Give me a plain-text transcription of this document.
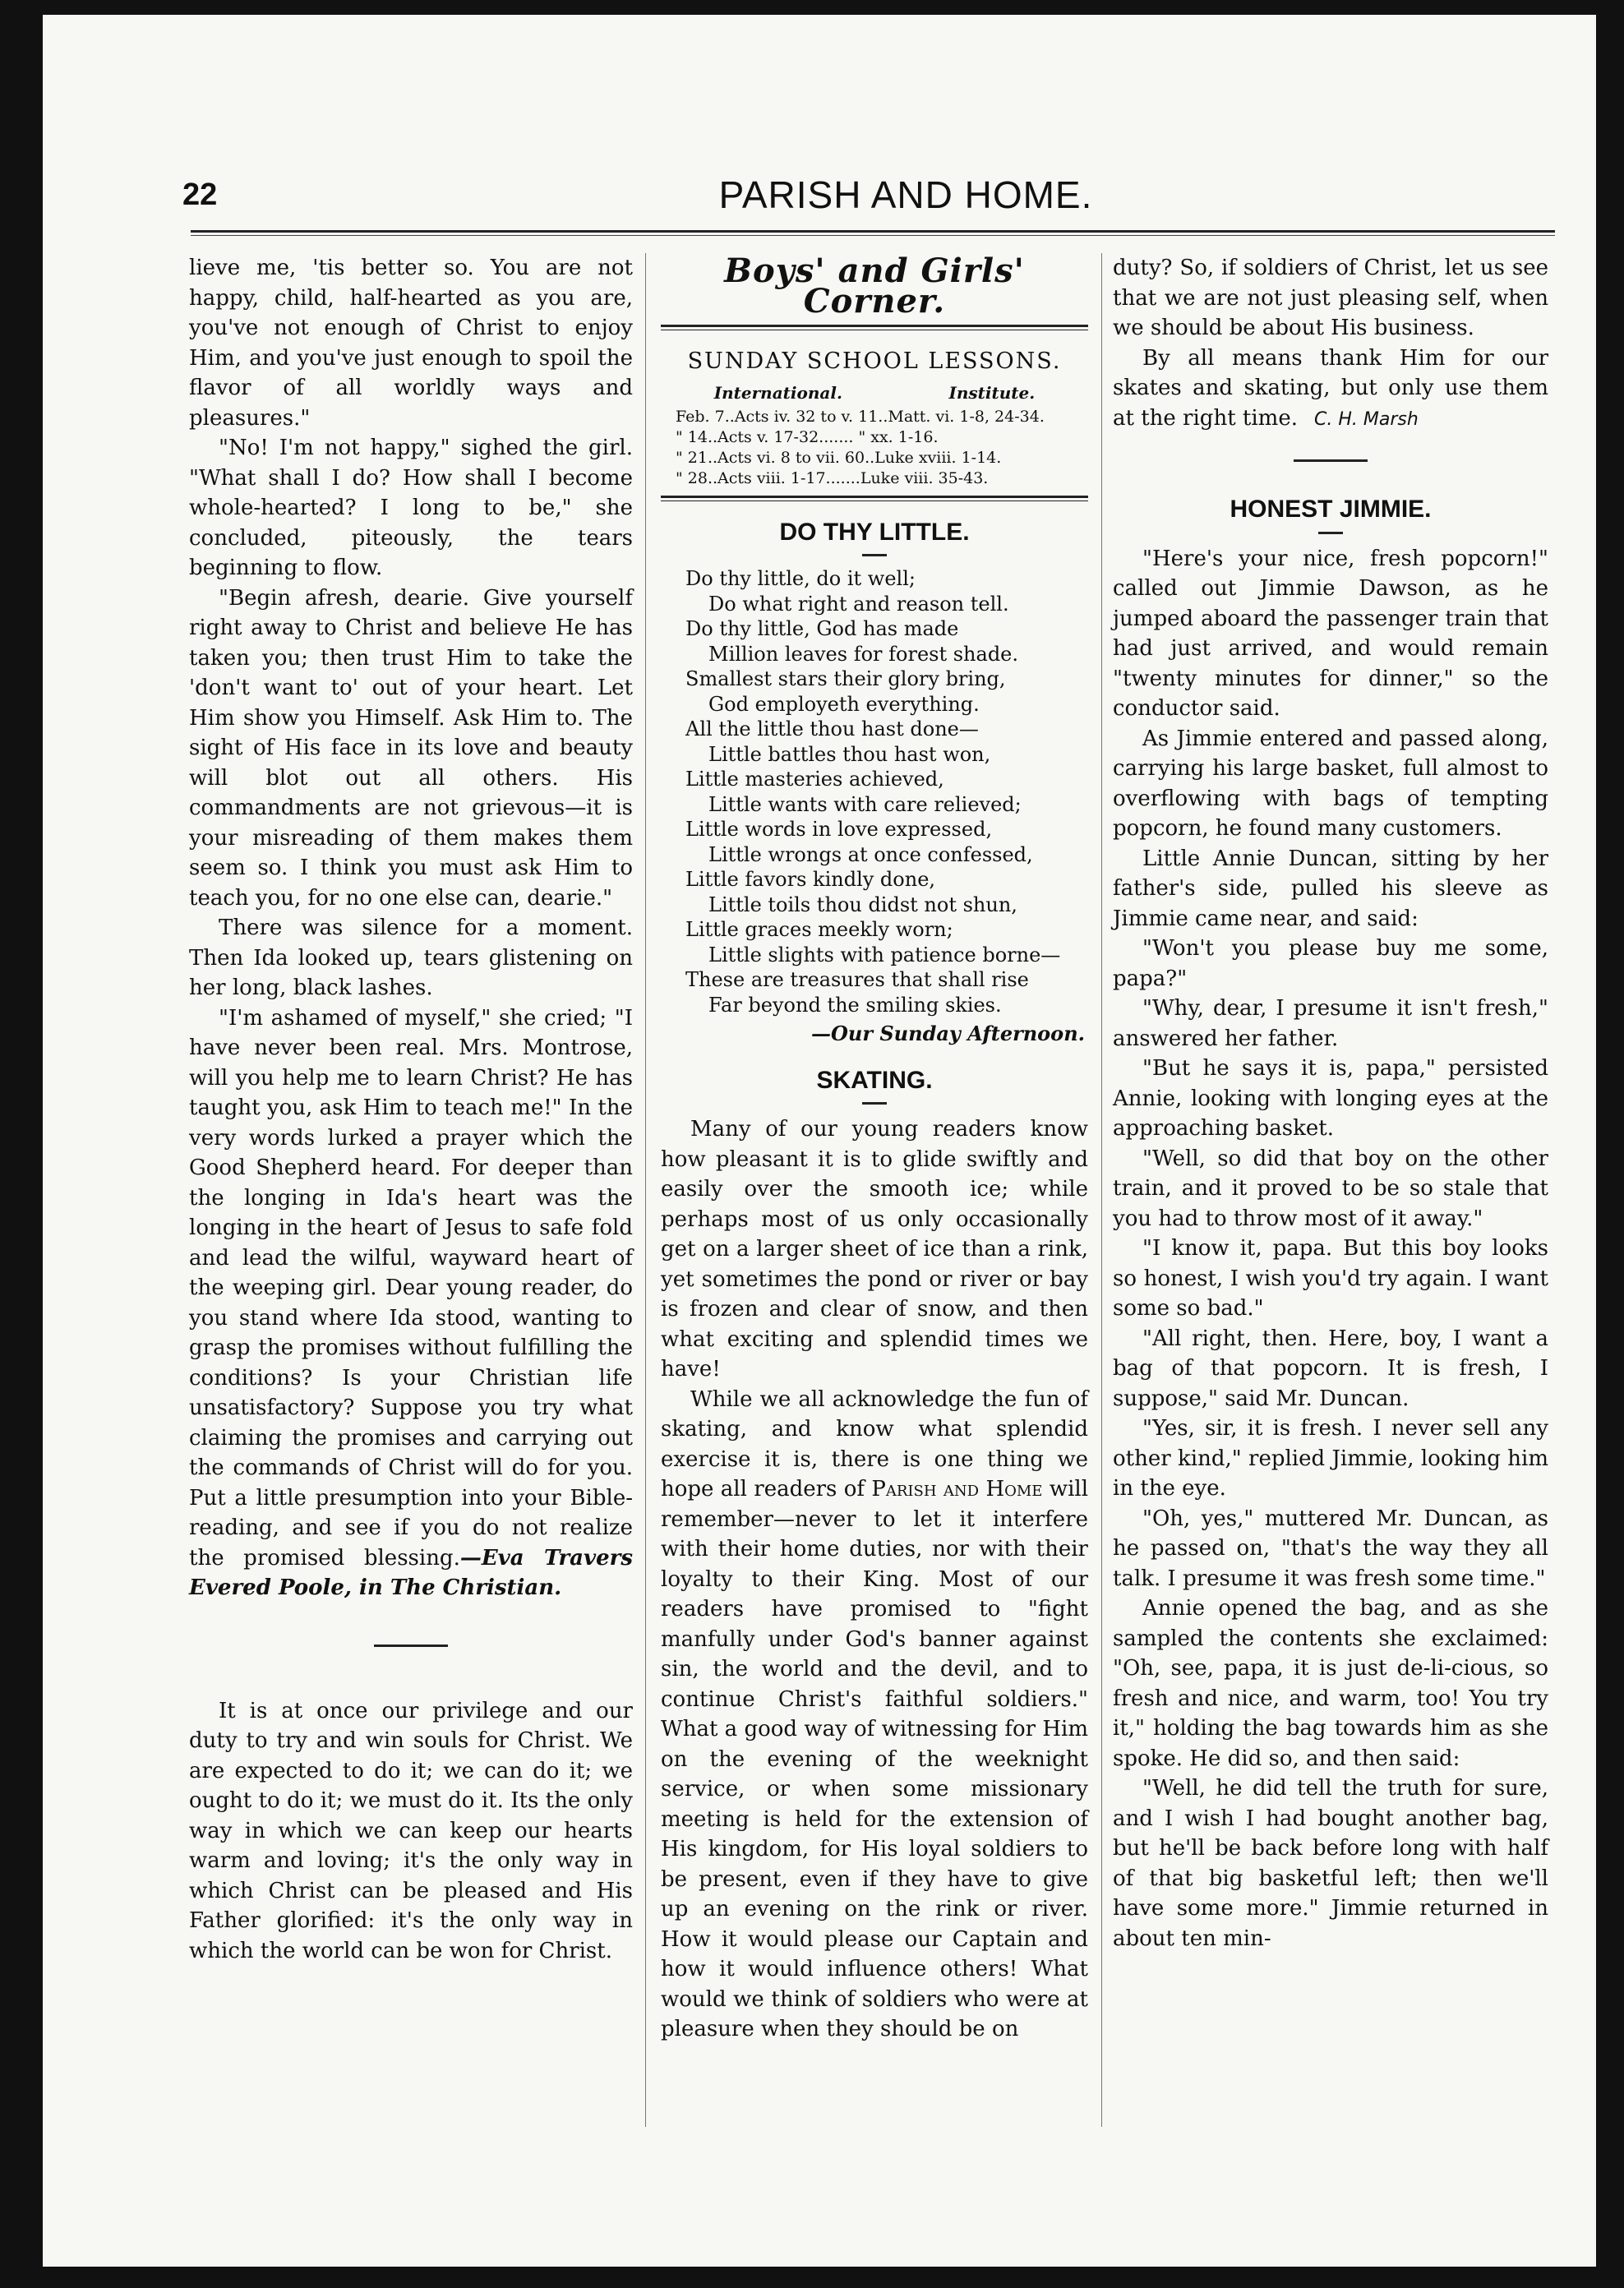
22	PARISH AND HOME.

lieve me, 'tis better so. You are not happy, child, half-hearted as you are, you've not enough of Christ to enjoy Him, and you've just enough to spoil the flavor of all worldly ways and pleasures."

"No! I'm not happy," sighed the girl. "What shall I do? How shall I become whole-hearted? I long to be," she concluded, piteously, the tears beginning to flow.

"Begin afresh, dearie. Give yourself right away to Christ and believe He has taken you; then trust Him to take the 'don't want to' out of your heart. Let Him show you Himself. Ask Him to. The sight of His face in its love and beauty will blot out all others. His commandments are not grievous—it is your misreading of them makes them seem so. I think you must ask Him to teach you, for no one else can, dearie."

There was silence for a moment. Then Ida looked up, tears glistening on her long, black lashes.

"I'm ashamed of myself," she cried; "I have never been real. Mrs. Montrose, will you help me to learn Christ? He has taught you, ask Him to teach me!" In the very words lurked a prayer which the Good Shepherd heard. For deeper than the longing in Ida's heart was the longing in the heart of Jesus to safe fold and lead the wilful, wayward heart of the weeping girl. Dear young reader, do you stand where Ida stood, wanting to grasp the promises without fulfilling the conditions? Is your Christian life unsatisfactory? Suppose you try what claiming the promises and carrying out the commands of Christ will do for you. Put a little presumption into your Bible-reading, and see if you do not realize the promised blessing.—Eva Travers Evered Poole, in The Christian.

It is at once our privilege and our duty to try and win souls for Christ. We are expected to do it; we can do it; we ought to do it; we must do it. Its the only way in which we can keep our hearts warm and loving; it's the only way in which Christ can be pleased and His Father glorified: it's the only way in which the world can be won for Christ.

Boys' and Girls' Corner.
SUNDAY SCHOOL LESSONS.
International.	Institute.
Feb. 7..Acts iv. 32 to v. 11..Matt. vi. 1-8, 24-34.
" 14..Acts v. 17-32....... " xx. 1-16.
" 21..Acts vi. 8 to vii. 60..Luke xviii. 1-14.
" 28..Acts viii. 1-17.......Luke viii. 35-43.
DO THY LITTLE.
Do thy little, do it well;
Do what right and reason tell.
Do thy little, God has made
Million leaves for forest shade.
Smallest stars their glory bring,
God employeth everything.
All the little thou hast done—
Little battles thou hast won,
Little masteries achieved,
Little wants with care relieved;
Little words in love expressed,
Little wrongs at once confessed,
Little favors kindly done,
Little toils thou didst not shun,
Little graces meekly worn;
Little slights with patience borne—
These are treasures that shall rise
Far beyond the smiling skies.
—Our Sunday Afternoon.
SKATING.

Many of our young readers know how pleasant it is to glide swiftly and easily over the smooth ice; while perhaps most of us only occasionally get on a larger sheet of ice than a rink, yet sometimes the pond or river or bay is frozen and clear of snow, and then what exciting and splendid times we have!

While we all acknowledge the fun of skating, and know what splendid exercise it is, there is one thing we hope all readers of Parish and Home will remember—never to let it interfere with their home duties, nor with their loyalty to their King. Most of our readers have promised to "fight manfully under God's banner against sin, the world and the devil, and to continue Christ's faithful soldiers." What a good way of witnessing for Him on the evening of the weeknight service, or when some missionary meeting is held for the extension of His kingdom, for His loyal soldiers to be present, even if they have to give up an evening on the rink or river. How it would please our Captain and how it would influence others! What would we think of soldiers who were at pleasure when they should be on

duty? So, if soldiers of Christ, let us see that we are not just pleasing self, when we should be about His business.

By all means thank Him for our skates and skating, but only use them at the right time. C. H. Marsh

HONEST JIMMIE.

"Here's your nice, fresh popcorn!" called out Jimmie Dawson, as he jumped aboard the passenger train that had just arrived, and would remain "twenty minutes for dinner," so the conductor said.

As Jimmie entered and passed along, carrying his large basket, full almost to overflowing with bags of tempting popcorn, he found many customers.

Little Annie Duncan, sitting by her father's side, pulled his sleeve as Jimmie came near, and said:

"Won't you please buy me some, papa?"

"Why, dear, I presume it isn't fresh," answered her father.

"But he says it is, papa," persisted Annie, looking with longing eyes at the approaching basket.

"Well, so did that boy on the other train, and it proved to be so stale that you had to throw most of it away."

"I know it, papa. But this boy looks so honest, I wish you'd try again. I want some so bad."

"All right, then. Here, boy, I want a bag of that popcorn. It is fresh, I suppose," said Mr. Duncan.

"Yes, sir, it is fresh. I never sell any other kind," replied Jimmie, looking him in the eye.

"Oh, yes," muttered Mr. Duncan, as he passed on, "that's the way they all talk. I presume it was fresh some time."

Annie opened the bag, and as she sampled the contents she exclaimed: "Oh, see, papa, it is just de-li-cious, so fresh and nice, and warm, too! You try it," holding the bag towards him as she spoke. He did so, and then said:

"Well, he did tell the truth for sure, and I wish I had bought another bag, but he'll be back before long with half of that big basketful left; then we'll have some more." Jimmie returned in about ten min-
